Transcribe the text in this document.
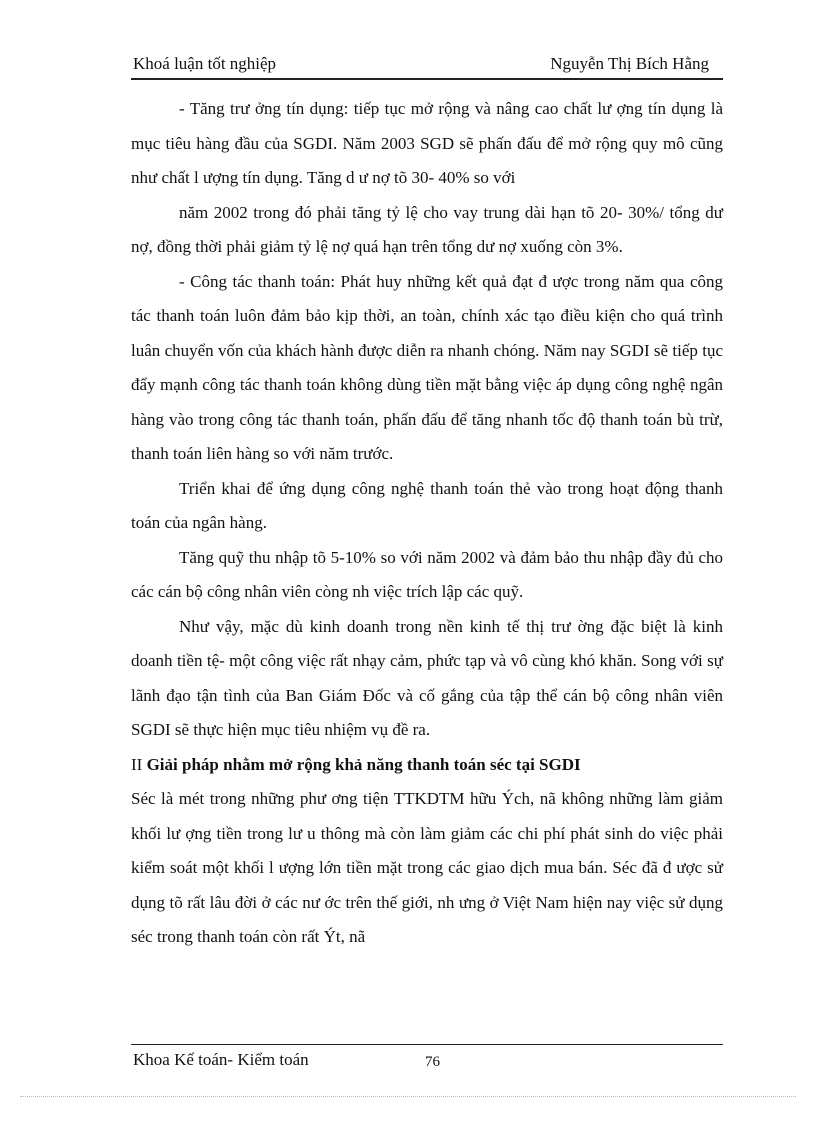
Khoá luận tốt nghiệp	Nguyễn Thị Bích Hằng

- Tăng trư ởng tín dụng: tiếp tục mở rộng và nâng cao chất lư ợng tín dụng là mục tiêu hàng đầu của SGDI. Năm 2003 SGD sẽ phấn đấu để mở rộng quy mô cũng như chất l ượng tín dụng. Tăng d ư nợ tõ 30- 40% so với

năm 2002 trong đó phải tăng tỷ lệ cho vay trung dài hạn tõ 20- 30%/ tổng dư nợ, đồng thời phải giảm tỷ lệ nợ quá hạn trên tổng dư nợ xuống còn 3%.

- Công tác thanh toán: Phát huy những kết quả đạt đ ược trong năm qua công tác thanh toán luôn đảm bảo kịp thời, an toàn, chính xác tạo điều kiện cho quá trình luân chuyển vốn của khách hành được diễn ra nhanh chóng. Năm nay SGDI sẽ tiếp tục đẩy mạnh công tác thanh toán không dùng tiền mặt bằng việc áp dụng công nghệ ngân hàng vào trong công tác thanh toán, phấn đấu để tăng nhanh tốc độ thanh toán bù trừ, thanh toán liên hàng so với năm trước.

Triển khai để ứng dụng công nghệ thanh toán thẻ vào trong hoạt động thanh toán của ngân hàng.

Tăng quỹ thu nhập tõ 5-10% so với năm 2002 và đảm bảo thu nhập đầy đủ cho các cán bộ công nhân viên còng nh việc trích lập các quỹ.

Như vậy, mặc dù kinh doanh trong nền kinh tế thị trư ờng đặc biệt là kinh doanh tiền tệ- một công việc rất nhạy cảm, phức tạp và vô cùng khó khăn. Song với sự lãnh đạo tận tình của Ban Giám Đốc và cố gắng của tập thể cán bộ công nhân viên SGDI sẽ thực hiện mục tiêu nhiệm vụ đề ra.

II Giải pháp nhằm mở rộng khả năng thanh toán séc tại SGDI

Séc là mét trong những phư ơng tiện TTKDTM hữu Ých, nã không những làm giảm khối lư ợng tiền trong lư u thông mà còn làm giảm các chi phí phát sinh do việc phải kiểm soát một khối l ượng lớn tiền mặt trong các giao dịch mua bán. Séc đã đ ược sử dụng tõ rất lâu đời ở các nư ớc trên thế giới, nh ưng ở Việt Nam hiện nay việc sử dụng séc trong thanh toán còn rất Ýt, nã

Khoa Kế toán- Kiểm toán	76
